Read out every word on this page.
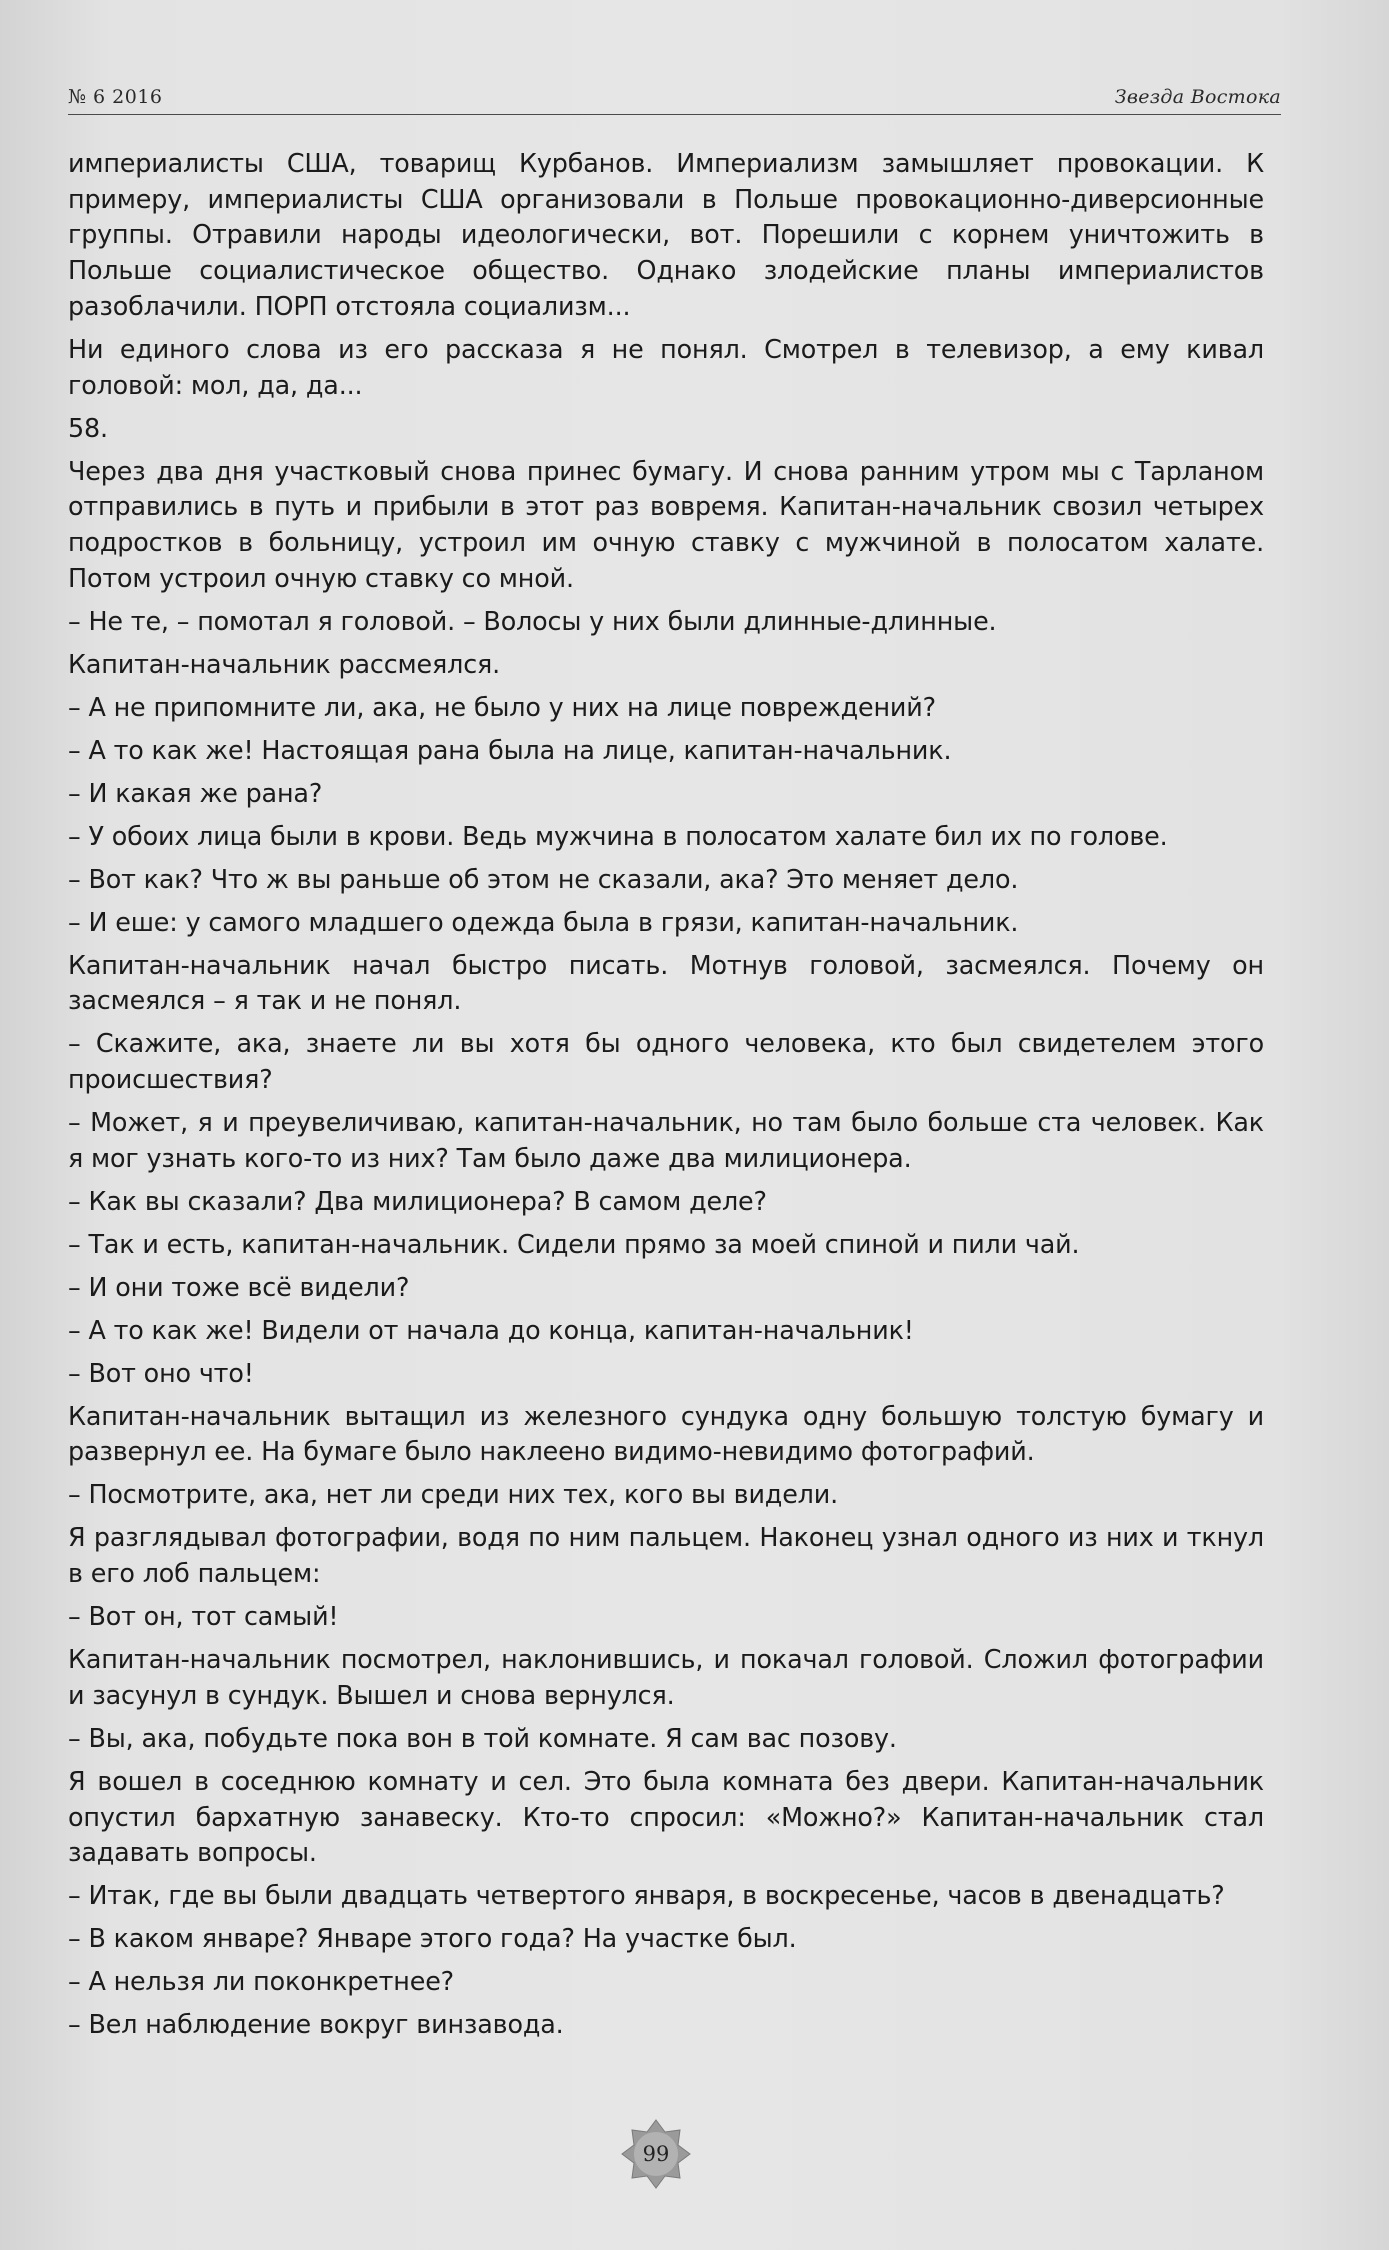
№ 6 2016	Звезда Востока

империалисты США, товарищ Курбанов. Империализм замышляет провокации. К примеру, империалисты США организовали в Польше провокационно-диверсионные группы. Отравили народы идеологически, вот. Порешили с корнем уничтожить в Польше социалистическое общество. Однако злодейские планы империалистов разоблачили. ПОРП отстояла социализм...

Ни единого слова из его рассказа я не понял. Смотрел в телевизор, а ему кивал головой: мол, да, да...

58.

Через два дня участковый снова принес бумагу. И снова ранним утром мы с Тарланом отправились в путь и прибыли в этот раз вовремя. Капитан-начальник свозил четырех подростков в больницу, устроил им очную ставку с мужчиной в полосатом халате. Потом устроил очную ставку со мной.

– Не те, – помотал я головой. – Волосы у них были длинные-длинные.

Капитан-начальник рассмеялся.

– А не припомните ли, ака, не было у них на лице повреждений?

– А то как же! Настоящая рана была на лице, капитан-начальник.

– И какая же рана?

– У обоих лица были в крови. Ведь мужчина в полосатом халате бил их по голове.

– Вот как? Что ж вы раньше об этом не сказали, ака? Это меняет дело.

– И еше: у самого младшего одежда была в грязи, капитан-начальник.

Капитан-начальник начал быстро писать. Мотнув головой, засмеялся. Почему он засмеялся – я так и не понял.

– Скажите, ака, знаете ли вы хотя бы одного человека, кто был свидетелем этого происшествия?

– Может, я и преувеличиваю, капитан-начальник, но там было больше ста человек. Как я мог узнать кого-то из них? Там было даже два милиционера.

– Как вы сказали? Два милиционера? В самом деле?

– Так и есть, капитан-начальник. Сидели прямо за моей спиной и пили чай.

– И они тоже всё видели?

– А то как же! Видели от начала до конца, капитан-начальник!

– Вот оно что!

Капитан-начальник вытащил из железного сундука одну большую толстую бумагу и развернул ее. На бумаге было наклеено видимо-невидимо фотографий.

– Посмотрите, ака, нет ли среди них тех, кого вы видели.

Я разглядывал фотографии, водя по ним пальцем. Наконец узнал одного из них и ткнул в его лоб пальцем:

– Вот он, тот самый!

Капитан-начальник посмотрел, наклонившись, и покачал головой. Сложил фотографии и засунул в сундук. Вышел и снова вернулся.

– Вы, ака, побудьте пока вон в той комнате. Я сам вас позову.

Я вошел в соседнюю комнату и сел. Это была комната без двери. Капитан-начальник опустил бархатную занавеску. Кто-то спросил: «Можно?» Капитан-начальник стал задавать вопросы.

– Итак, где вы были двадцать четвертого января, в воскресенье, часов в двенадцать?

– В каком январе? Январе этого года? На участке был.

– А нельзя ли поконкретнее?

– Вел наблюдение вокруг винзавода.

99
